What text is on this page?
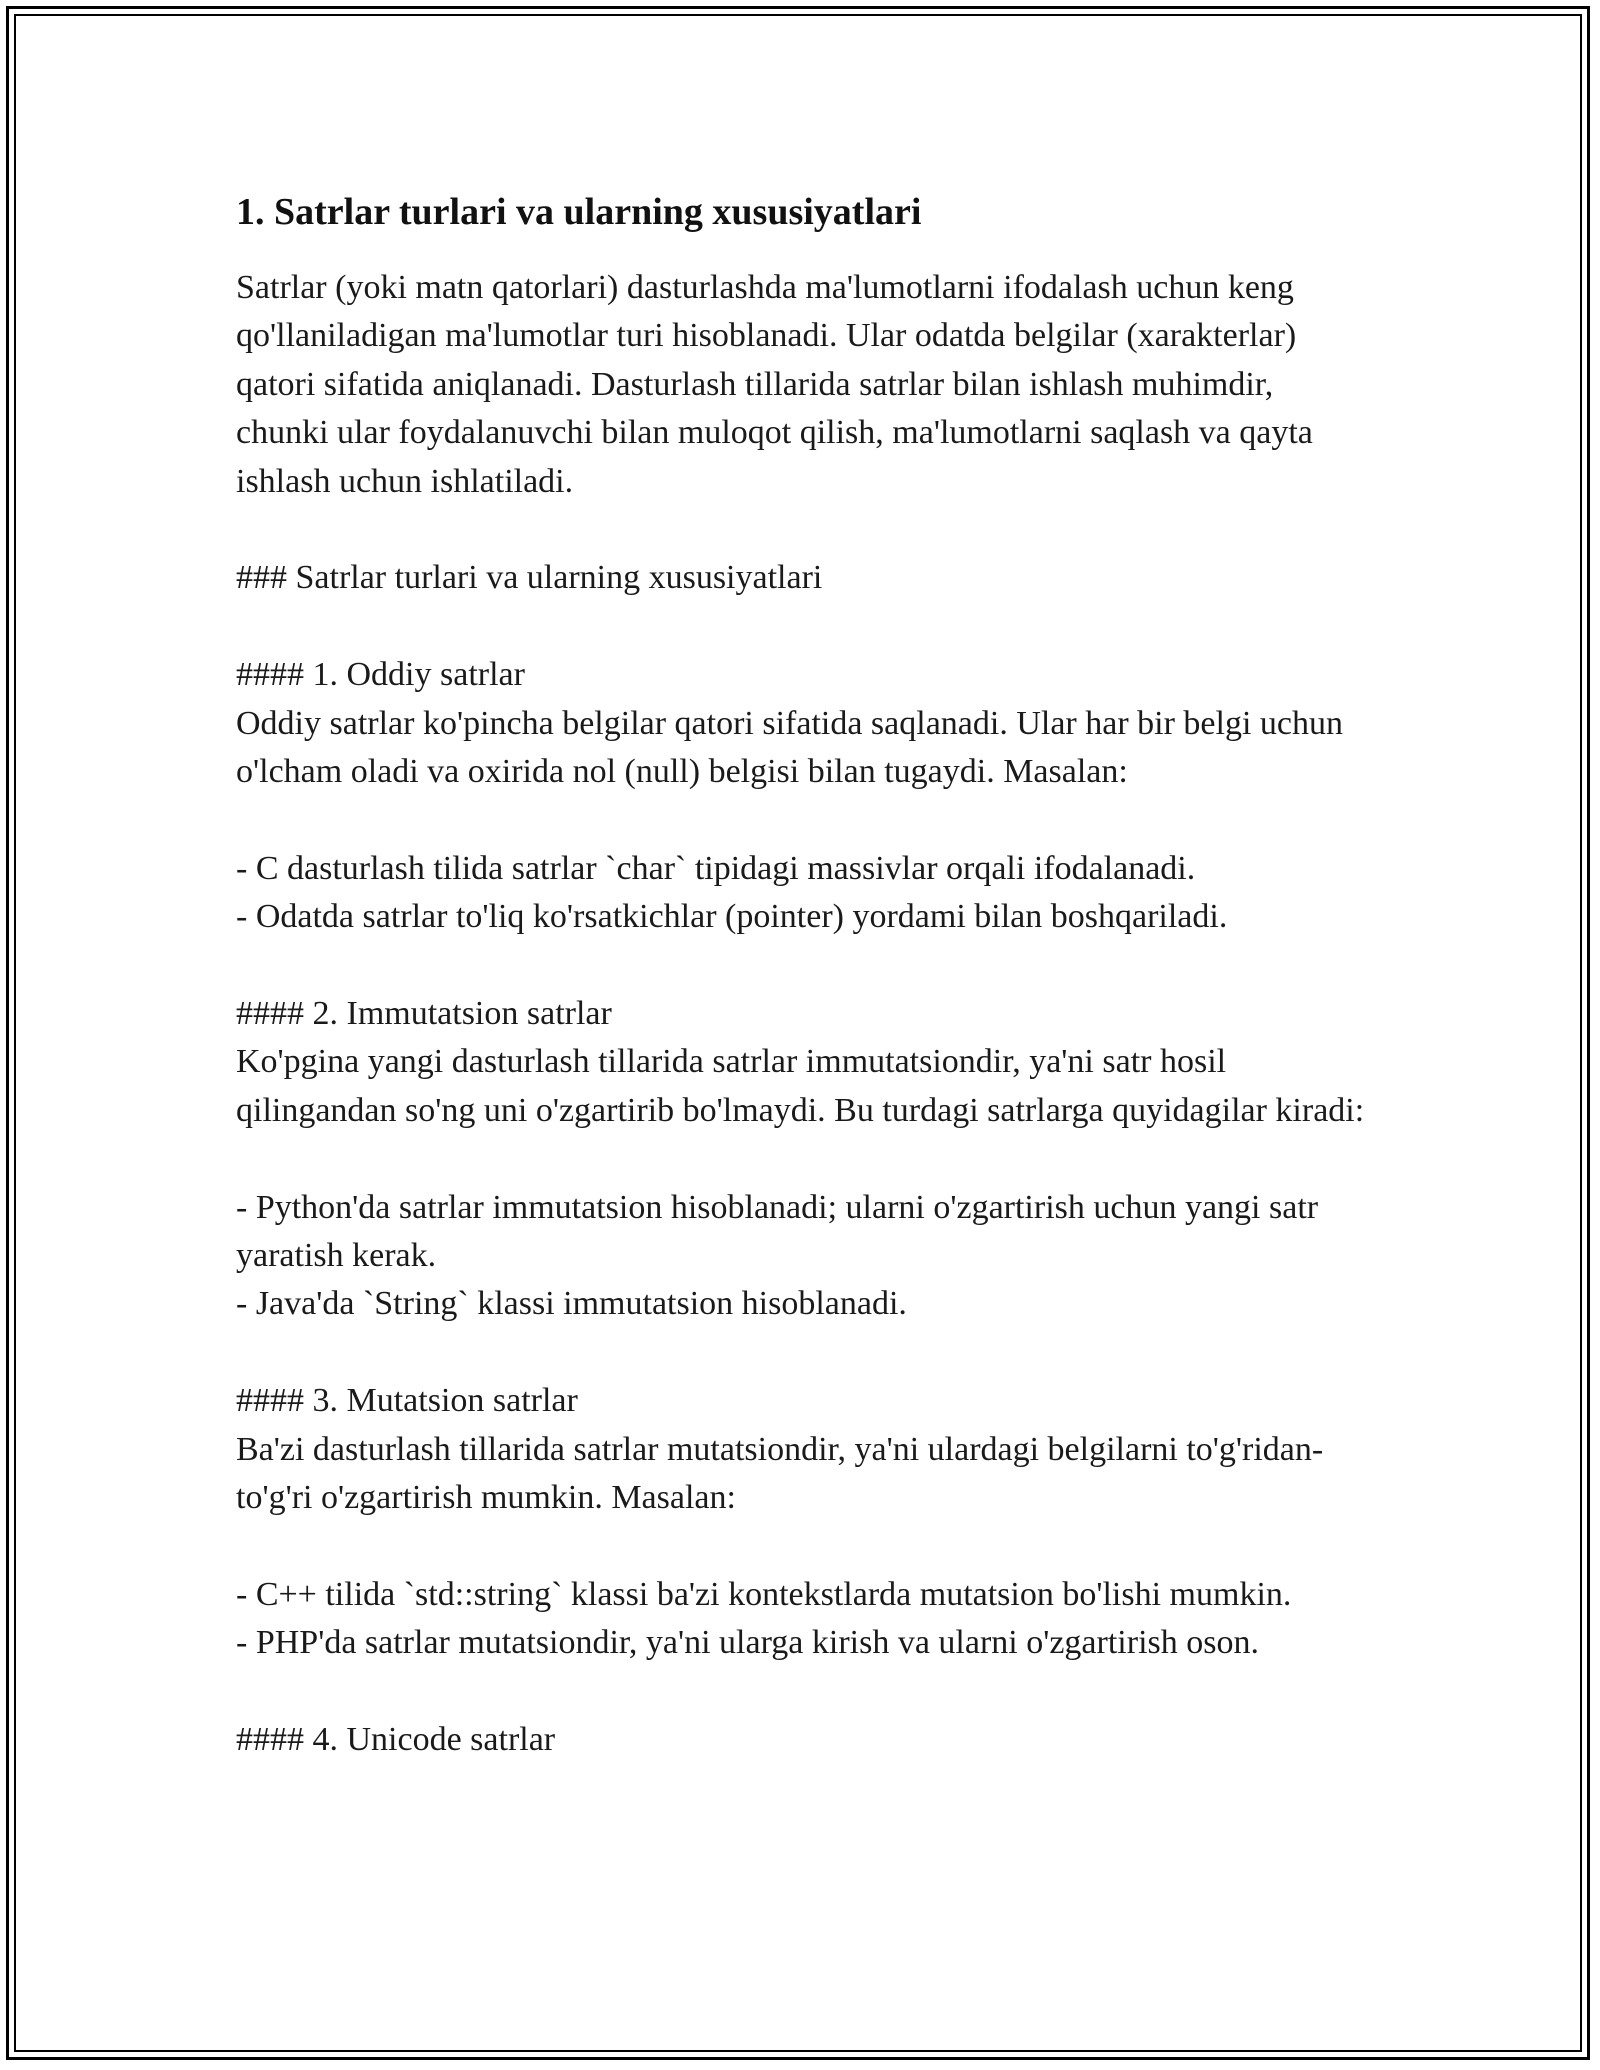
1. Satrlar turlari va ularning xususiyatlari

Satrlar (yoki matn qatorlari) dasturlashda ma'lumotlarni ifodalash uchun keng qo'llaniladigan ma'lumotlar turi hisoblanadi. Ular odatda belgilar (xarakterlar) qatori sifatida aniqlanadi. Dasturlash tillarida satrlar bilan ishlash muhimdir, chunki ular foydalanuvchi bilan muloqot qilish, ma'lumotlarni saqlash va qayta ishlash uchun ishlatiladi.

### Satrlar turlari va ularning xususiyatlari

#### 1. Oddiy satrlar

Oddiy satrlar ko'pincha belgilar qatori sifatida saqlanadi. Ular har bir belgi uchun o'lcham oladi va oxirida nol (null) belgisi bilan tugaydi. Masalan:

- C dasturlash tilida satrlar `char` tipidagi massivlar orqali ifodalanadi.

- Odatda satrlar to'liq ko'rsatkichlar (pointer) yordami bilan boshqariladi.

#### 2. Immutatsion satrlar

Ko'pgina yangi dasturlash tillarida satrlar immutatsiondir, ya'ni satr hosil qilingandan so'ng uni o'zgartirib bo'lmaydi. Bu turdagi satrlarga quyidagilar kiradi:

- Python'da satrlar immutatsion hisoblanadi; ularni o'zgartirish uchun yangi satr yaratish kerak.

- Java'da `String` klassi immutatsion hisoblanadi.

#### 3. Mutatsion satrlar

Ba'zi dasturlash tillarida satrlar mutatsiondir, ya'ni ulardagi belgilarni to'g'ridan-to'g'ri o'zgartirish mumkin. Masalan:

- C++ tilida `std::string` klassi ba'zi kontekstlarda mutatsion bo'lishi mumkin.

- PHP'da satrlar mutatsiondir, ya'ni ularga kirish va ularni o'zgartirish oson.

#### 4. Unicode satrlar
